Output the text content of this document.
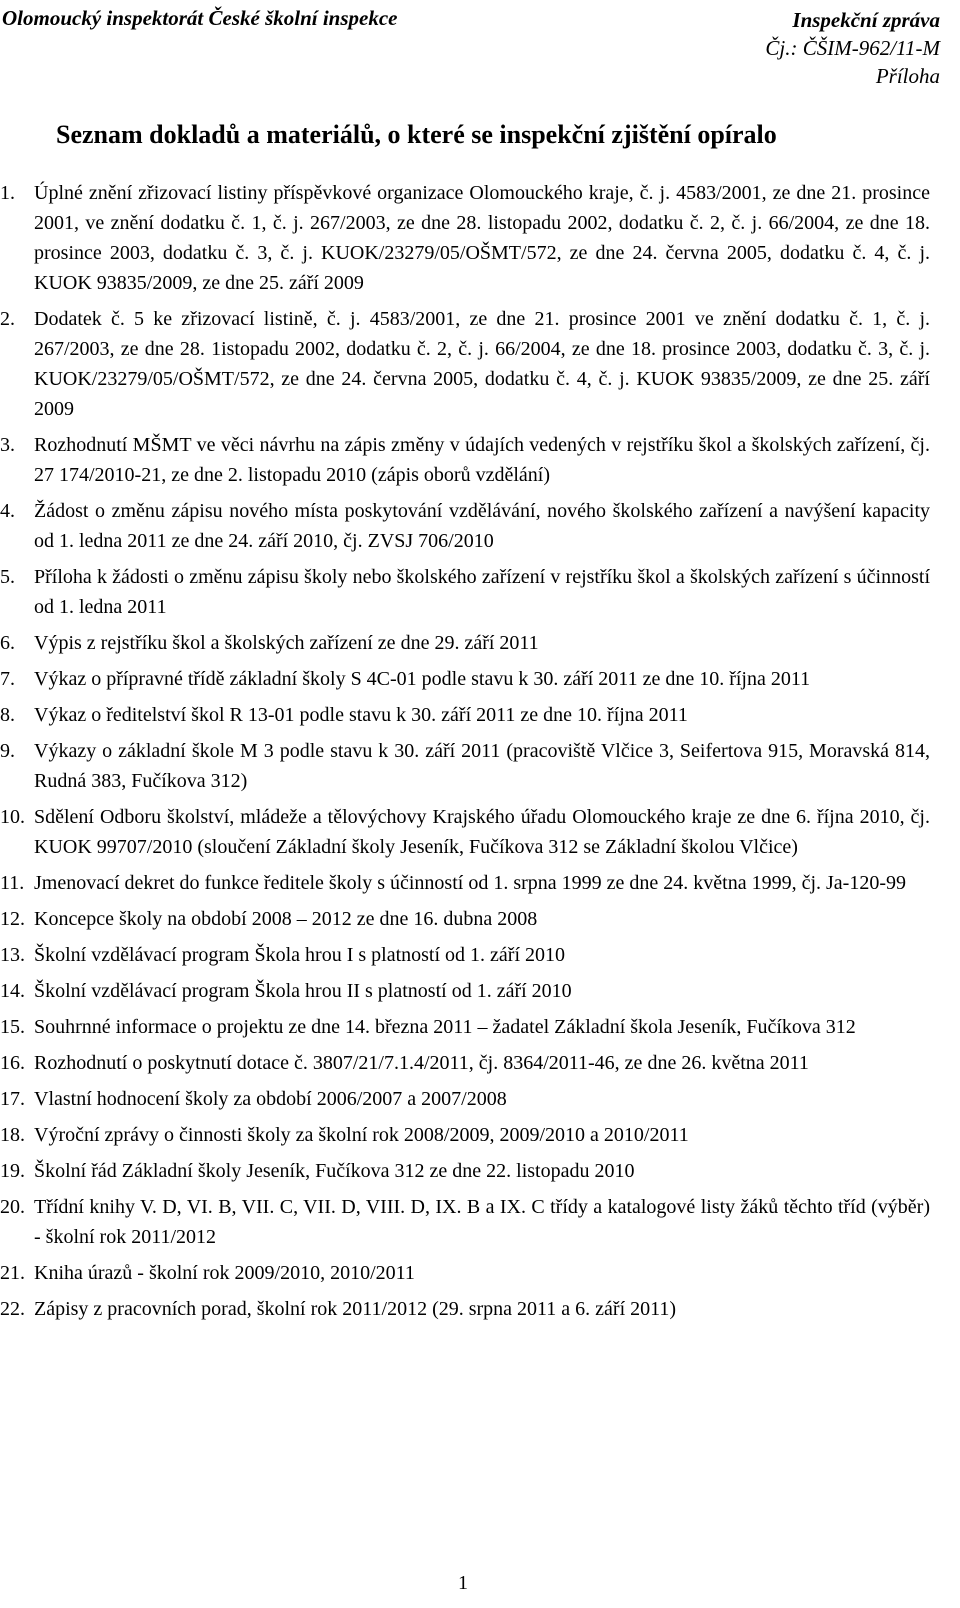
Olomoucký inspektorát České školní inspekce	Inspekční zpráva
Čj.: ČŠIM-962/11-M
Příloha
Seznam dokladů a materiálů, o které se inspekční zjištění opíralo
1. Úplné znění zřizovací listiny příspěvkové organizace Olomouckého kraje, č. j. 4583/2001, ze dne 21. prosince 2001, ve znění dodatku č. 1, č. j. 267/2003, ze dne 28. listopadu 2002, dodatku č. 2, č. j. 66/2004, ze dne 18. prosince 2003, dodatku č. 3, č. j. KUOK/23279/05/OŠMT/572, ze dne 24. června 2005, dodatku č. 4, č. j. KUOK 93835/2009, ze dne 25. září 2009
2. Dodatek č. 5 ke zřizovací listině, č. j. 4583/2001, ze dne 21. prosince 2001 ve znění dodatku č. 1, č. j. 267/2003, ze dne 28. 1istopadu 2002, dodatku č. 2, č. j. 66/2004, ze dne 18. prosince 2003, dodatku č. 3, č. j. KUOK/23279/05/OŠMT/572, ze dne 24. června 2005, dodatku č. 4, č. j. KUOK 93835/2009, ze dne 25. září 2009
3. Rozhodnutí MŠMT ve věci návrhu na zápis změny v údajích vedených v rejstříku škol a školských zařízení, čj. 27 174/2010-21, ze dne 2. listopadu 2010 (zápis oborů vzdělání)
4. Žádost o změnu zápisu nového místa poskytování vzdělávání, nového školského zařízení a navýšení kapacity od 1. ledna 2011 ze dne 24. září 2010, čj. ZVSJ 706/2010
5. Příloha k žádosti o změnu zápisu školy nebo školského zařízení v rejstříku škol a školských zařízení s účinností od 1. ledna 2011
6. Výpis z rejstříku škol a školských zařízení ze dne 29. září 2011
7. Výkaz o přípravné třídě základní školy S 4C-01 podle stavu k 30. září 2011 ze dne 10. října 2011
8. Výkaz o ředitelství škol R 13-01 podle stavu k 30. září 2011 ze dne 10. října 2011
9. Výkazy o základní škole M 3 podle stavu k 30. září 2011 (pracoviště Vlčice 3, Seifertova 915, Moravská 814, Rudná 383, Fučíkova 312)
10. Sdělení Odboru školství, mládeže a tělovýchovy Krajského úřadu Olomouckého kraje ze dne 6. října 2010, čj. KUOK 99707/2010 (sloučení Základní školy Jeseník, Fučíkova 312 se Základní školou Vlčice)
11. Jmenovací dekret do funkce ředitele školy s účinností od 1. srpna 1999 ze dne 24. května 1999, čj. Ja-120-99
12. Koncepce školy na období 2008 – 2012 ze dne 16. dubna 2008
13. Školní vzdělávací program Škola hrou I s platností od 1. září 2010
14. Školní vzdělávací program Škola hrou II s platností od 1. září 2010
15. Souhrnné informace o projektu ze dne 14. března 2011 – žadatel Základní škola Jeseník, Fučíkova 312
16. Rozhodnutí o poskytnutí dotace č. 3807/21/7.1.4/2011, čj. 8364/2011-46, ze dne 26. května 2011
17. Vlastní hodnocení školy za období 2006/2007 a 2007/2008
18. Výroční zprávy o činnosti školy za školní rok 2008/2009, 2009/2010 a 2010/2011
19. Školní řád Základní školy Jeseník, Fučíkova 312 ze dne 22. listopadu 2010
20. Třídní knihy V. D, VI. B, VII. C, VII. D, VIII. D, IX. B a IX. C třídy a katalogové listy žáků těchto tříd (výběr) - školní rok 2011/2012
21. Kniha úrazů - školní rok 2009/2010, 2010/2011
22. Zápisy z pracovních porad, školní rok 2011/2012 (29. srpna 2011 a 6. září 2011)
1
